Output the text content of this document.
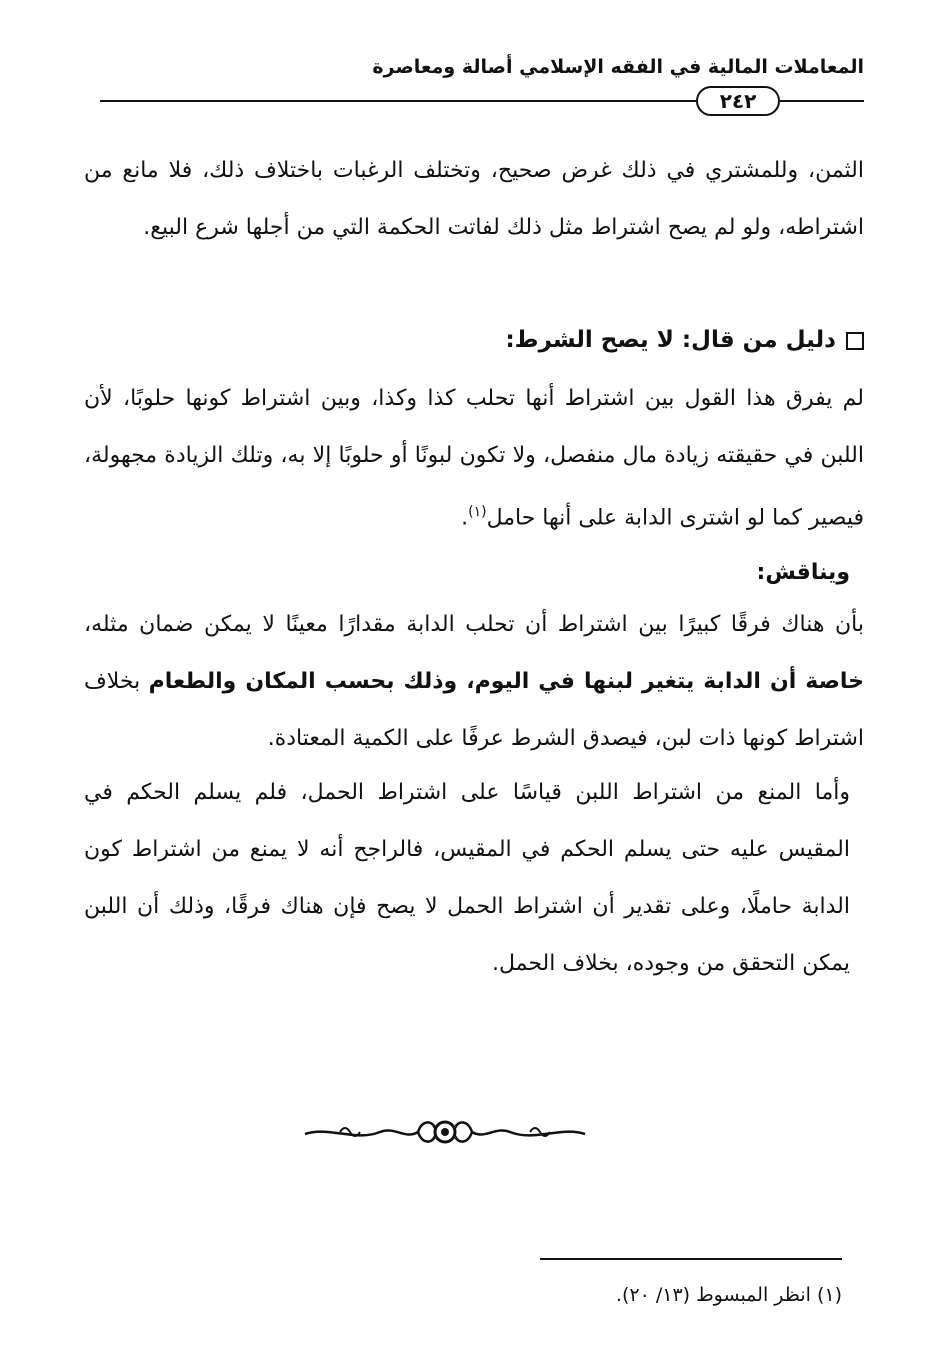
المعاملات المالية في الفقه الإسلامي أصالة ومعاصرة
٢٤٢

الثمن، وللمشتري في ذلك غرض صحيح، وتختلف الرغبات باختلاف ذلك، فلا مانع من اشتراطه، ولو لم يصح اشتراط مثل ذلك لفاتت الحكمة التي من أجلها شرع البيع.

دليل من قال: لا يصح الشرط:

لم يفرق هذا القول بين اشتراط أنها تحلب كذا وكذا، وبين اشتراط كونها حلوبًا، لأن اللبن في حقيقته زيادة مال منفصل، ولا تكون لبونًا أو حلوبًا إلا به، وتلك الزيادة مجهولة، فيصير كما لو اشترى الدابة على أنها حامل$^{(١)}$.

ويناقش:

بأن هناك فرقًا كبيرًا بين اشتراط أن تحلب الدابة مقدارًا معينًا لا يمكن ضمان مثله، خاصة أن الدابة يتغير لبنها في اليوم، وذلك بحسب المكان والطعام بخلاف اشتراط كونها ذات لبن، فيصدق الشرط عرفًا على الكمية المعتادة.

وأما المنع من اشتراط اللبن قياسًا على اشتراط الحمل، فلم يسلم الحكم في المقيس عليه حتى يسلم الحكم في المقيس، فالراجح أنه لا يمنع من اشتراط كون الدابة حاملًا، وعلى تقدير أن اشتراط الحمل لا يصح فإن هناك فرقًا، وذلك أن اللبن يمكن التحقق من وجوده، بخلاف الحمل.

(١) انظر المبسوط (١٣/ ٢٠).
